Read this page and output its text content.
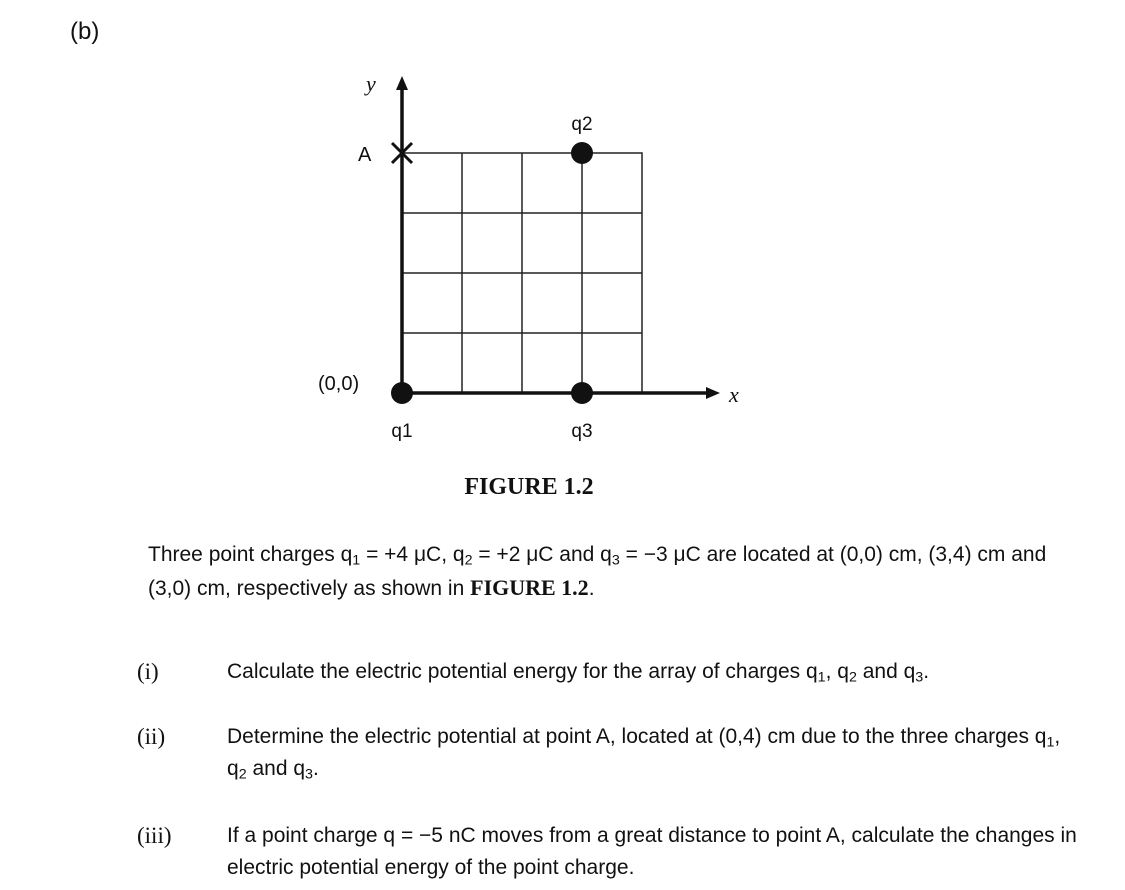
(b)
y
x
A
(0,0)
q2
q1	q3
FIGURE 1.2
Three point charges $q_1 = +4$ μC, $q_2 = +2$ μC and $q_3 = -3$ μC are located at (0,0) cm, (3,4) cm and (3,0) cm, respectively as shown in FIGURE 1.2.
(i)	Calculate the electric potential energy for the array of charges $q_1$, $q_2$ and $q_3$.
(ii)	Determine the electric potential at point A, located at (0,4) cm due to the three charges $q_1$, $q_2$ and $q_3$.
(iii)	If a point charge q = −5 nC moves from a great distance to point A, calculate the changes in electric potential energy of the point charge.
